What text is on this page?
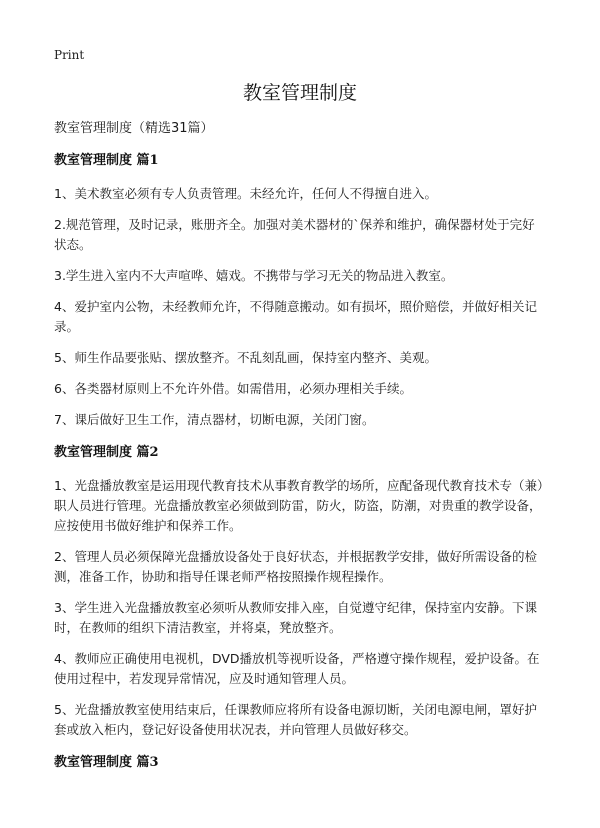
Print
教室管理制度

教室管理制度（精选31篇）

教室管理制度 篇1

1、美术教室必须有专人负责管理。未经允许，任何人不得擅自进入。

2.规范管理，及时记录，账册齐全。加强对美术器材的`保养和维护，确保器材处于完好状态。

3.学生进入室内不大声喧哗、嬉戏。不携带与学习无关的物品进入教室。

4、爱护室内公物，未经教师允许，不得随意搬动。如有损坏，照价赔偿，并做好相关记录。

5、师生作品要张贴、摆放整齐。不乱刻乱画，保持室内整齐、美观。

6、各类器材原则上不允许外借。如需借用，必须办理相关手续。

7、课后做好卫生工作，清点器材，切断电源，关闭门窗。

教室管理制度 篇2

1、光盘播放教室是运用现代教育技术从事教育教学的场所，应配备现代教育技术专（兼）职人员进行管理。光盘播放教室必须做到防雷，防火，防盗，防潮，对贵重的教学设备，应按使用书做好维护和保养工作。

2、管理人员必须保障光盘播放设备处于良好状态，并根据教学安排，做好所需设备的检测，准备工作，协助和指导任课老师严格按照操作规程操作。

3、学生进入光盘播放教室必须听从教师安排入座，自觉遵守纪律，保持室内安静。下课时，在教师的组织下清洁教室，并将桌，凳放整齐。

4、教师应正确使用电视机，DVD播放机等视听设备，严格遵守操作规程，爱护设备。在使用过程中，若发现异常情况，应及时通知管理人员。

5、光盘播放教室使用结束后，任课教师应将所有设备电源切断，关闭电源电闸，罩好护套或放入柜内，登记好设备使用状况表，并向管理人员做好移交。

教室管理制度 篇3
